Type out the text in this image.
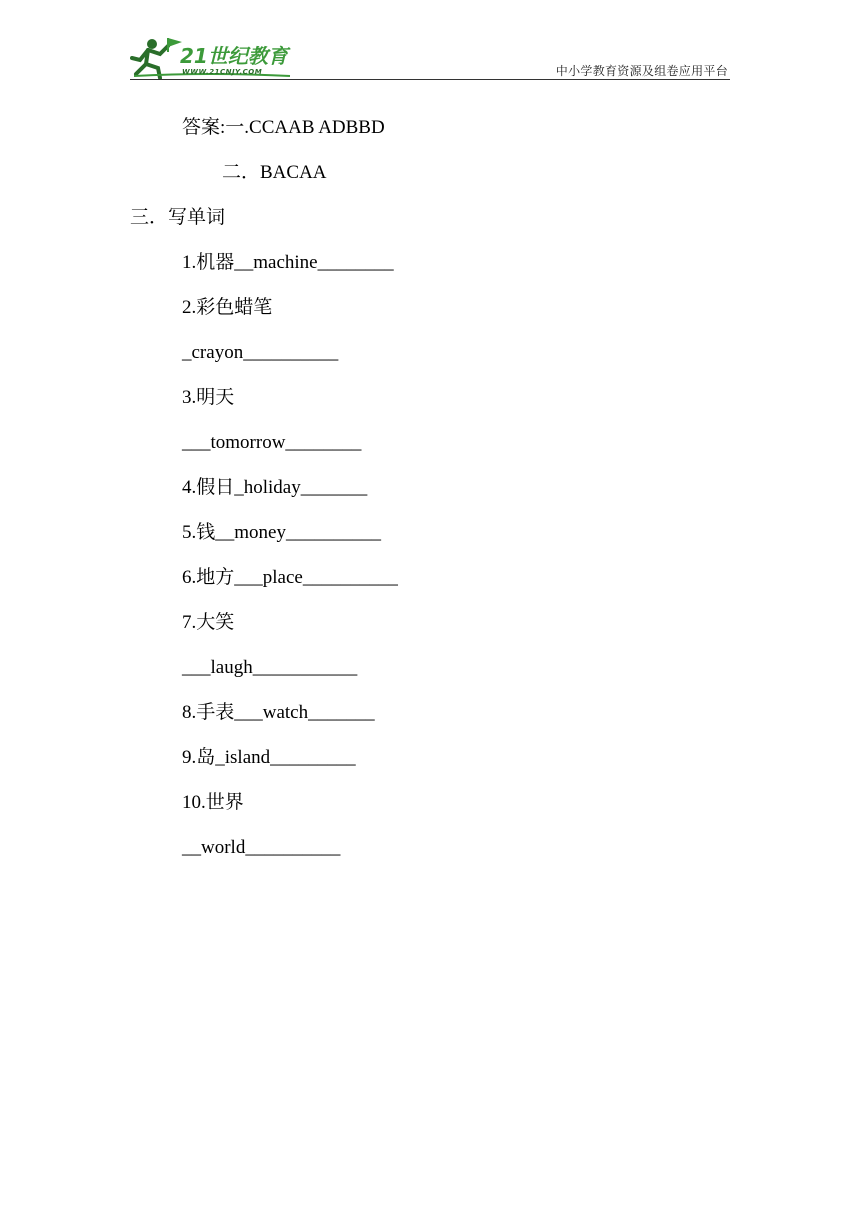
21世纪教育
WWW.21CNJY.COM	中小学教育资源及组卷应用平台
答案:一.CCAAB ADBBD
二．BACAA
三．写单词
1.机器__machine________
2.彩色蜡笔
_crayon__________
3.明天
___tomorrow________
4.假日_holiday_______
5.钱__money__________
6.地方___place__________
7.大笑
___laugh___________
8.手表___watch_______
9.岛_island_________
10.世界
__world__________
